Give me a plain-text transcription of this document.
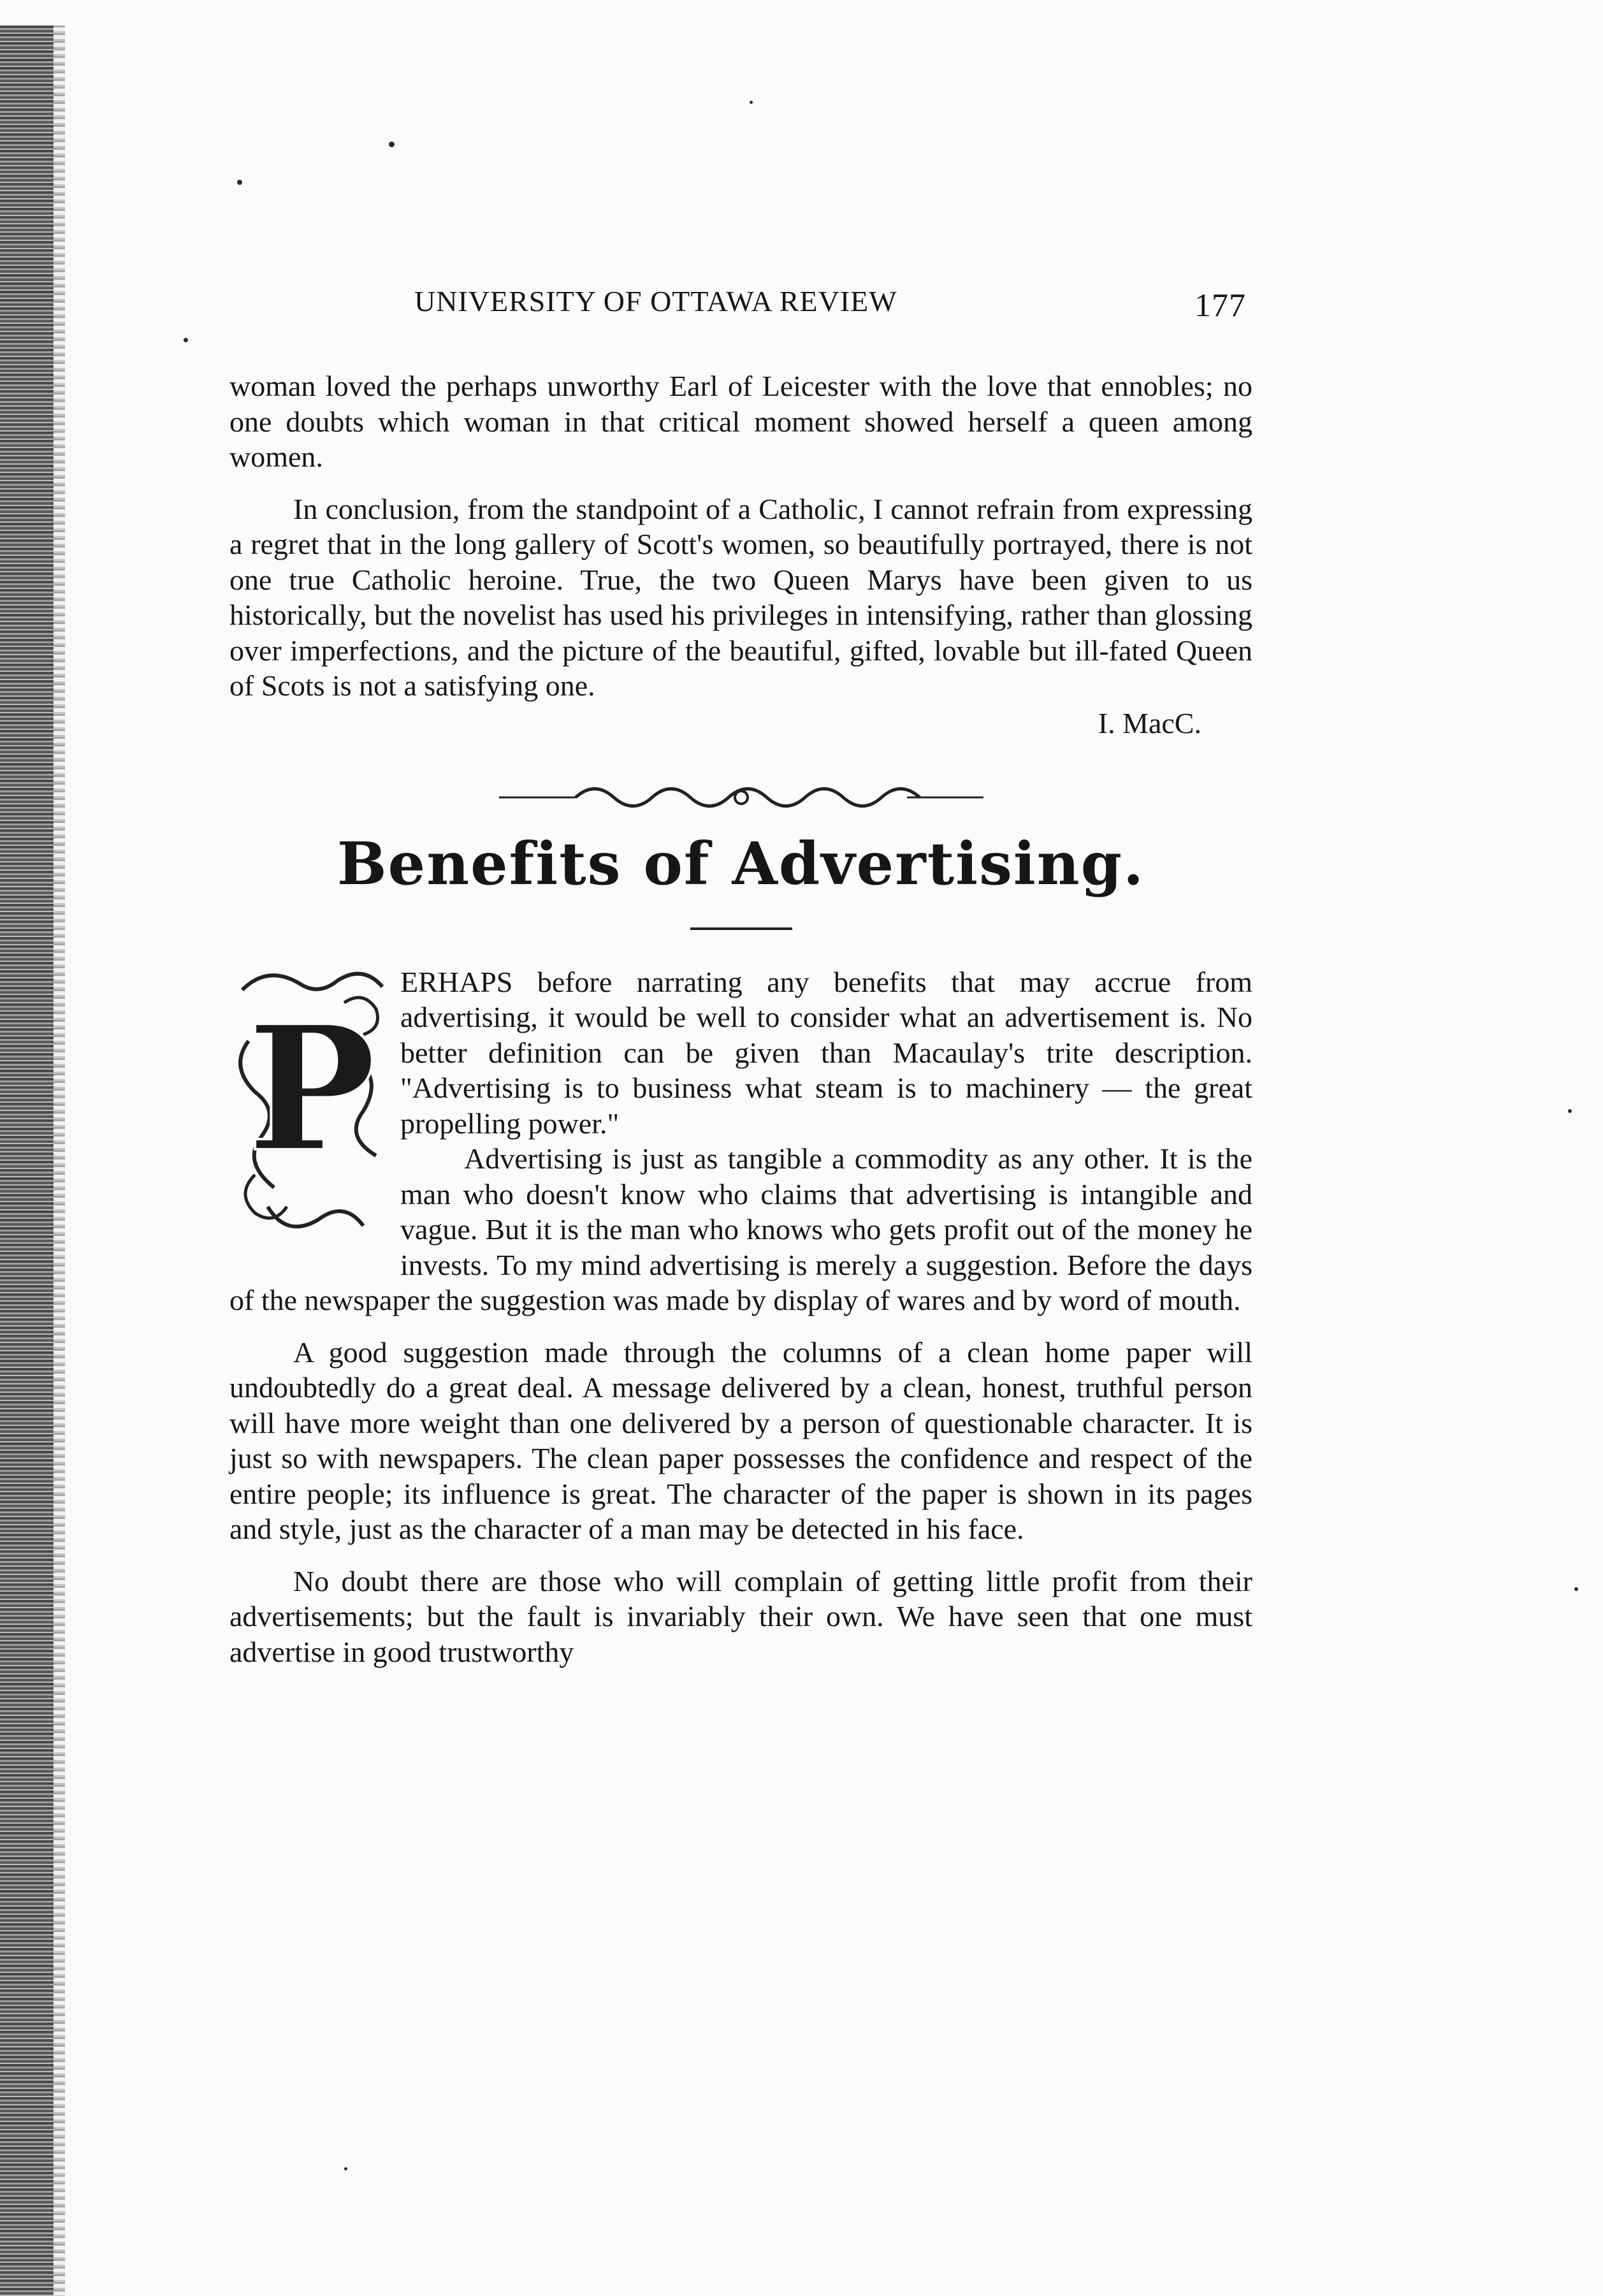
UNIVERSITY OF OTTAWA REVIEW	177

woman loved the perhaps unworthy Earl of Leicester with the love that ennobles; no one doubts which woman in that critical moment showed herself a queen among women.

In conclusion, from the standpoint of a Catholic, I cannot refrain from expressing a regret that in the long gallery of Scott's women, so beautifully portrayed, there is not one true Catholic heroine. True, the two Queen Marys have been given to us historically, but the novelist has used his privileges in intensifying, rather than glossing over imperfections, and the picture of the beautiful, gifted, lovable but ill-fated Queen of Scots is not a satisfying one.

I. MacC.
Benefits of Advertising.
P

ERHAPS before narrating any benefits that may accrue from advertising, it would be well to consider what an advertisement is. No better definition can be given than Macaulay's trite description. "Advertising is to business what steam is to machinery — the great propelling power."

Advertising is just as tangible a commodity as any other. It is the man who doesn't know who claims that advertising is intangible and vague. But it is the man who knows who gets profit out of the money he invests. To my mind advertising is merely a suggestion. Before the days of the newspaper the suggestion was made by display of wares and by word of mouth.

A good suggestion made through the columns of a clean home paper will undoubtedly do a great deal. A message delivered by a clean, honest, truthful person will have more weight than one delivered by a person of questionable character. It is just so with newspapers. The clean paper possesses the confidence and respect of the entire people; its influence is great. The character of the paper is shown in its pages and style, just as the character of a man may be detected in his face.

No doubt there are those who will complain of getting little profit from their advertisements; but the fault is invariably their own. We have seen that one must advertise in good trustworthy
